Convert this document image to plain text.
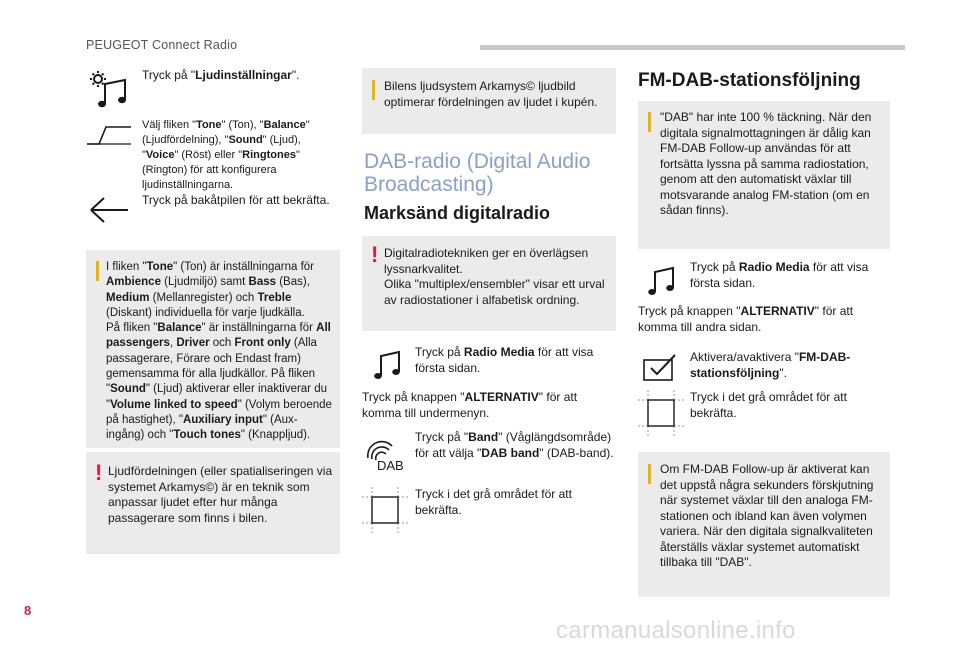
PEUGEOT Connect Radio
Tryck på "Ljudinställningar".
Välj fliken "Tone" (Ton), "Balance" (Ljudfördelning), "Sound" (Ljud), "Voice" (Röst) eller "Ringtones" (Rington) för att konfigurera ljudinställningarna.
Tryck på bakåtpilen för att bekräfta.
I fliken "Tone" (Ton) är inställningarna för Ambience (Ljudmiljö) samt Bass (Bas), Medium (Mellanregister) och Treble (Diskant) individuella för varje ljudkälla.
På fliken "Balance" är inställningarna för All passengers, Driver och Front only (Alla passagerare, Förare och Endast fram) gemensamma för alla ljudkällor. På fliken "Sound" (Ljud) aktiverar eller inaktiverar du "Volume linked to speed" (Volym beroende på hastighet), "Auxiliary input" (Aux-ingång) och "Touch tones" (Knappljud).
! Ljudfördelningen (eller spatialiseringen via systemet Arkamys©) är en teknik som anpassar ljudet efter hur många passagerare som finns i bilen.
Bilens ljudsystem Arkamys© ljudbild optimerar fördelningen av ljudet i kupén.
DAB-radio (Digital Audio
Broadcasting)
Marksänd digitalradio
! Digitalradiotekniken ger en överlägsen
lyssnarkvalitet.
Olika "multiplex/ensembler" visar ett urval
av radiostationer i alfabetisk ordning.
Tryck på Radio Media för att visa första sidan.
Tryck på knappen "ALTERNATIV" för att komma till undermenyn.
DAB
Tryck på "Band" (Våglängdsområde) för att välja "DAB band" (DAB-band).
Tryck i det grå området för att bekräfta.
FM-DAB-stationsföljning
"DAB" har inte 100 % täckning. När den digitala signalmottagningen är dålig kan FM-DAB Follow-up användas för att fortsätta lyssna på samma radiostation, genom att den automatiskt växlar till motsvarande analog FM-station (om en sådan finns).
Tryck på Radio Media för att visa första sidan.
Tryck på knappen "ALTERNATIV" för att komma till andra sidan.
Aktivera/avaktivera "FM-DAB-stationsföljning".
Tryck i det grå området för att bekräfta.
Om FM-DAB Follow-up är aktiverat kan det uppstå några sekunders förskjutning när systemet växlar till den analoga FM-stationen och ibland kan även volymen variera. När den digitala signalkvaliteten återställs växlar systemet automatiskt tillbaka till "DAB".
8
carmanualsonline.info
